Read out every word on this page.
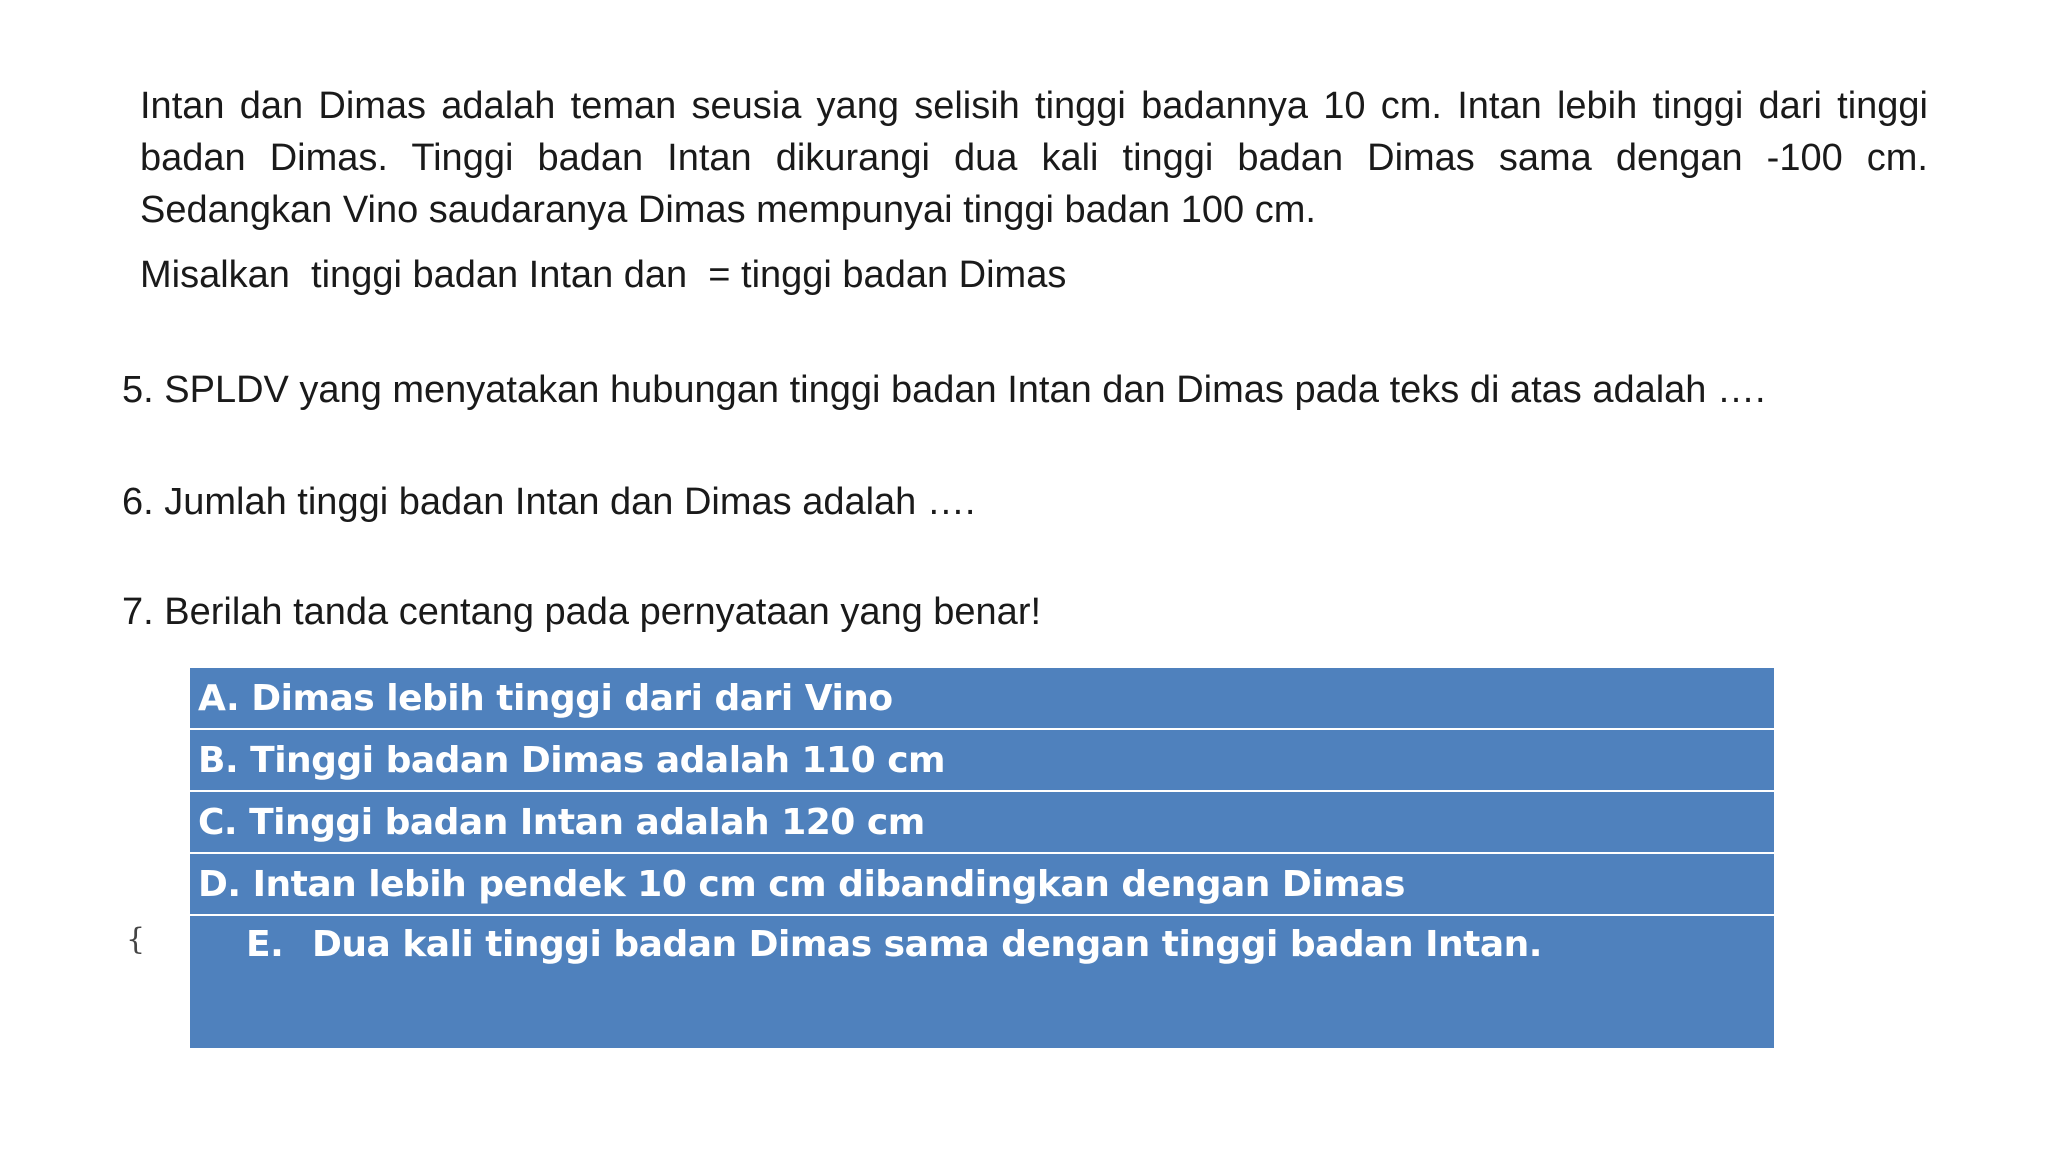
Intan dan Dimas adalah teman seusia yang selisih tinggi badannya 10 cm. Intan lebih tinggi dari tinggi badan Dimas. Tinggi badan Intan dikurangi dua kali tinggi badan Dimas sama dengan -100 cm. Sedangkan Vino saudaranya Dimas mempunyai tinggi badan 100 cm.

Misalkan  tinggi badan Intan dan  = tinggi badan Dimas

5. SPLDV yang menyatakan hubungan tinggi badan Intan dan Dimas pada teks di atas adalah ….

6. Jumlah tinggi badan Intan dan Dimas adalah ….

7. Berilah tanda centang pada pernyataan yang benar!

A. Dimas lebih tinggi dari dari Vino
B. Tinggi badan Dimas adalah 110 cm
C. Tinggi badan Intan adalah 120 cm
D. Intan lebih pendek 10 cm cm dibandingkan dengan Dimas
E. Dua kali tinggi badan Dimas sama dengan tinggi badan Intan.
{
